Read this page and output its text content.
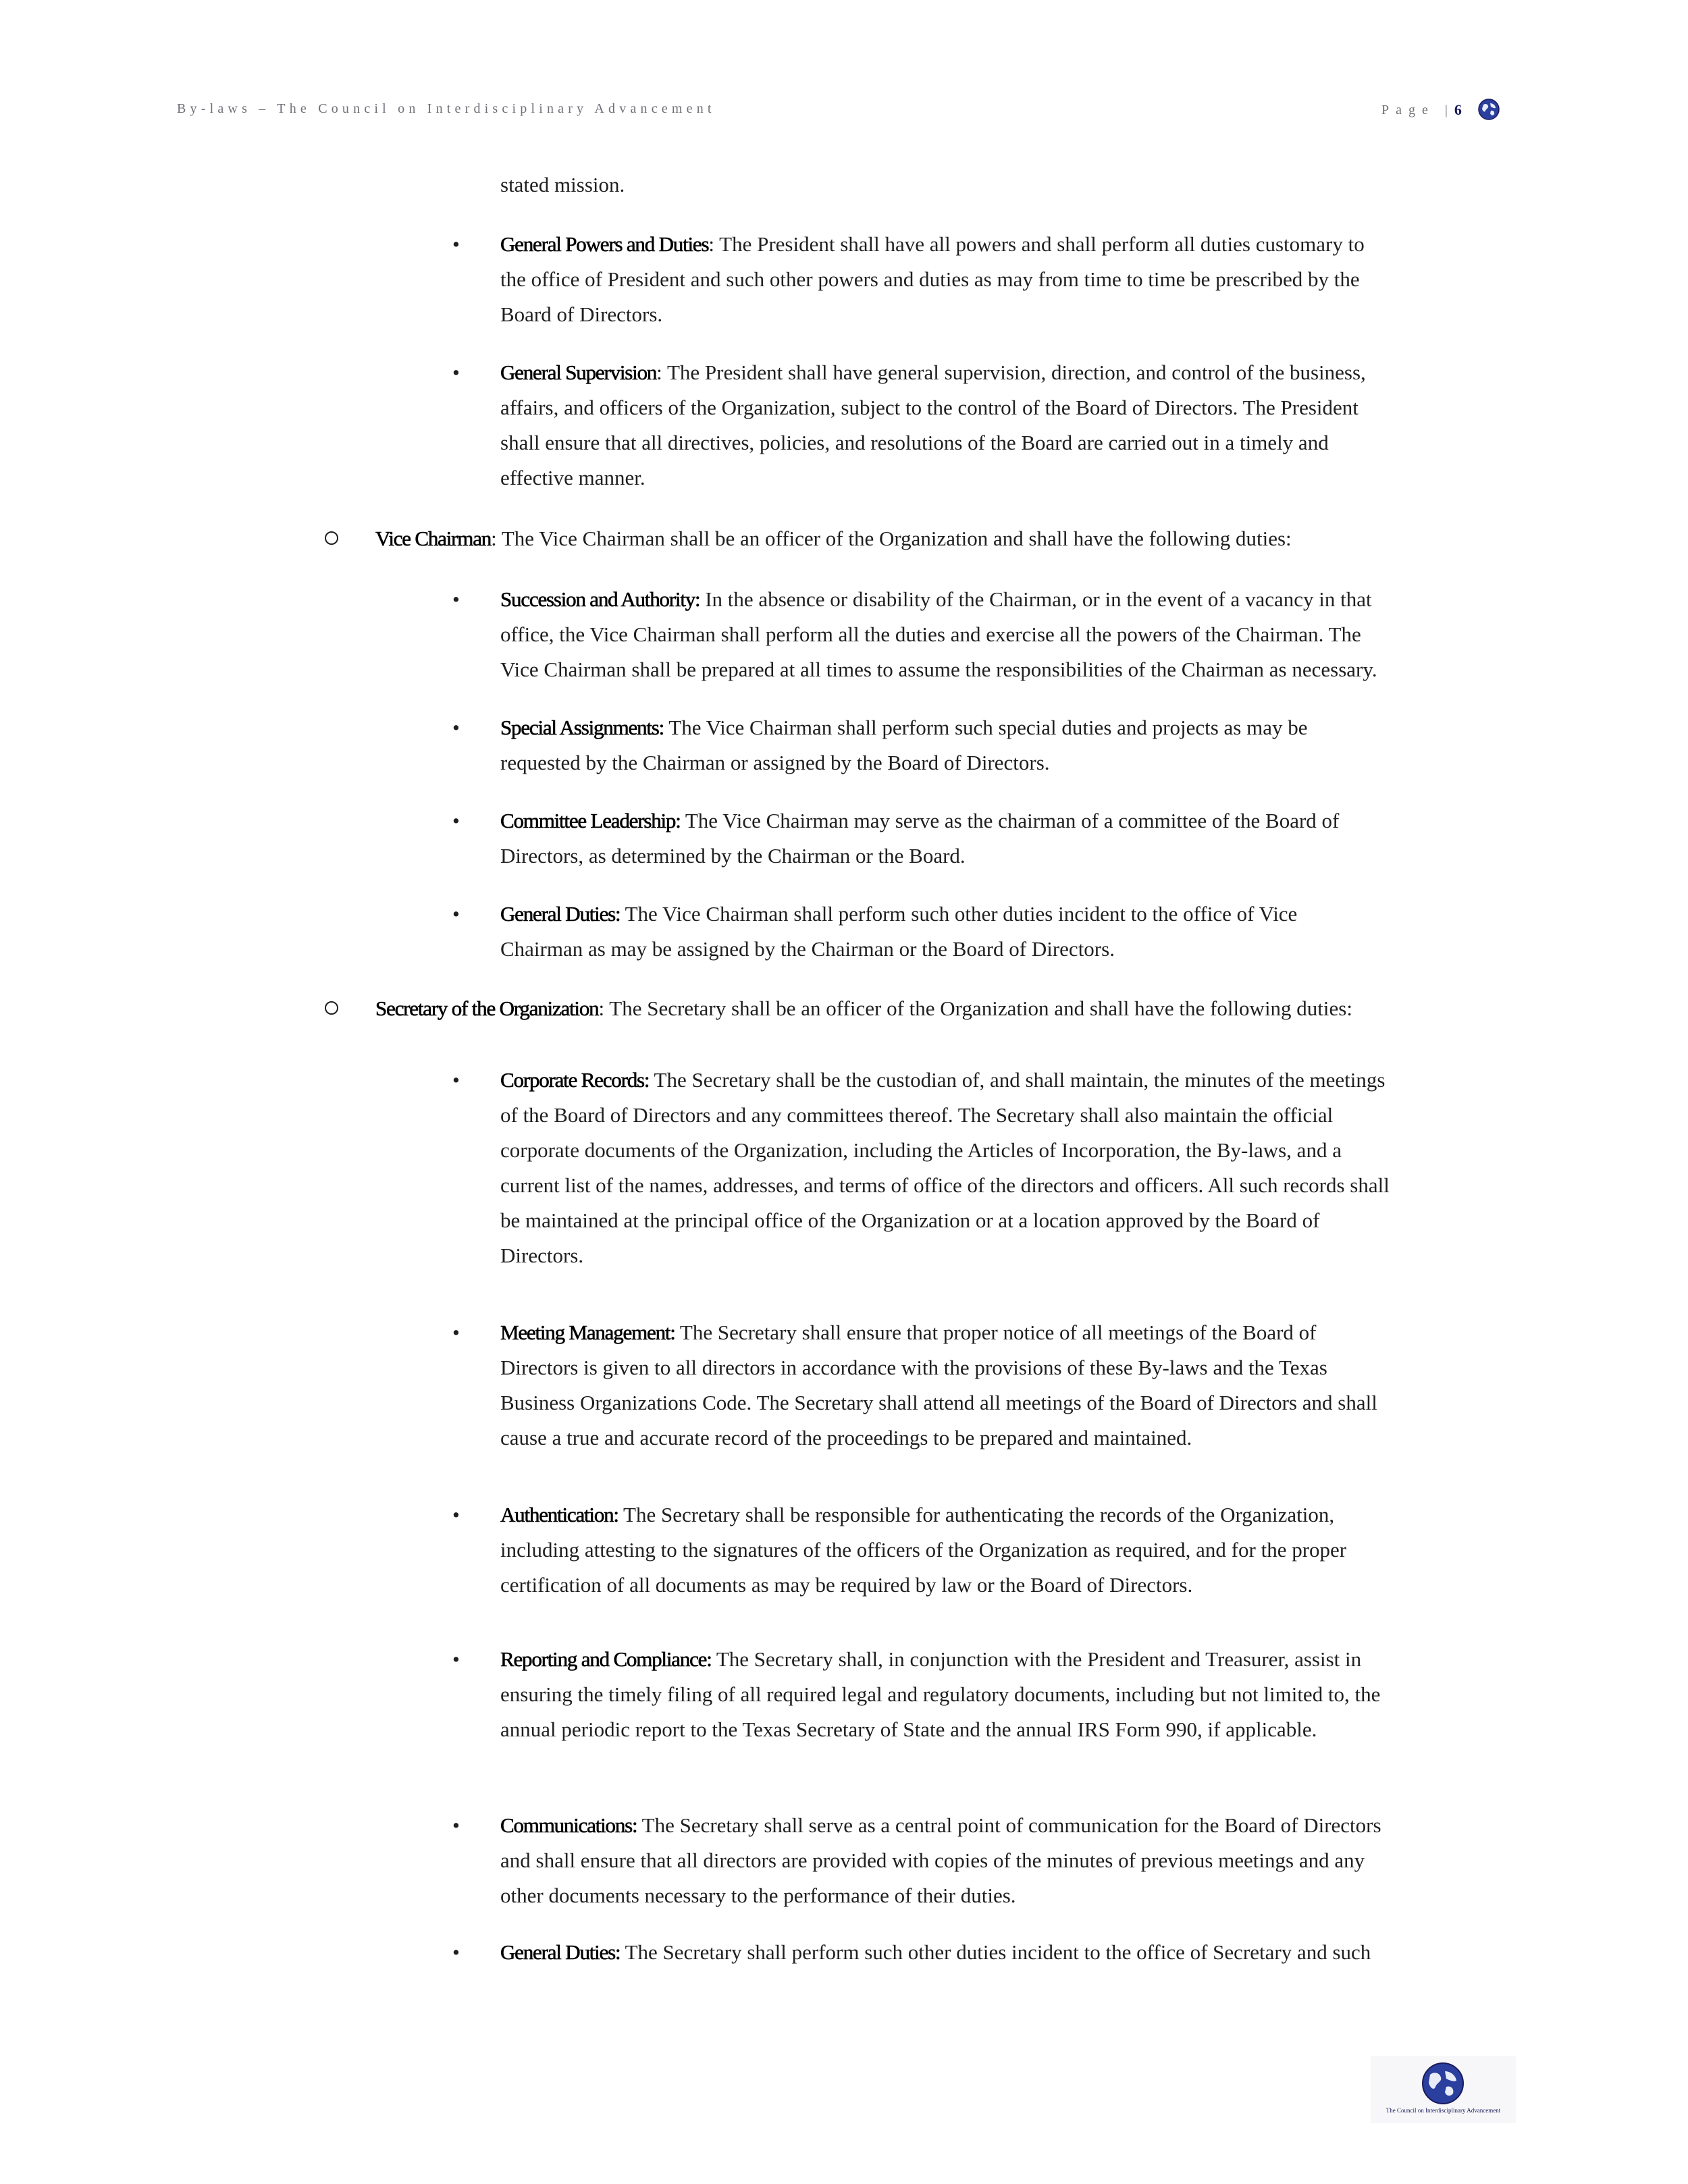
By-laws – The Council on Interdisciplinary Advancement	Page | 6
stated mission.
• General Powers and Duties: The President shall have all powers and shall perform all duties customary to
the office of President and such other powers and duties as may from time to time be prescribed by the
Board of Directors.
• General Supervision: The President shall have general supervision, direction, and control of the business,
affairs, and officers of the Organization, subject to the control of the Board of Directors. The President
shall ensure that all directives, policies, and resolutions of the Board are carried out in a timely and
effective manner.
Vice Chairman: The Vice Chairman shall be an officer of the Organization and shall have the following duties:
• Succession and Authority: In the absence or disability of the Chairman, or in the event of a vacancy in that
office, the Vice Chairman shall perform all the duties and exercise all the powers of the Chairman. The
Vice Chairman shall be prepared at all times to assume the responsibilities of the Chairman as necessary.
• Special Assignments: The Vice Chairman shall perform such special duties and projects as may be
requested by the Chairman or assigned by the Board of Directors.
• Committee Leadership: The Vice Chairman may serve as the chairman of a committee of the Board of
Directors, as determined by the Chairman or the Board.
• General Duties: The Vice Chairman shall perform such other duties incident to the office of Vice
Chairman as may be assigned by the Chairman or the Board of Directors.
Secretary of the Organization: The Secretary shall be an officer of the Organization and shall have the following duties:
• Corporate Records: The Secretary shall be the custodian of, and shall maintain, the minutes of the meetings
of the Board of Directors and any committees thereof. The Secretary shall also maintain the official
corporate documents of the Organization, including the Articles of Incorporation, the By-laws, and a
current list of the names, addresses, and terms of office of the directors and officers. All such records shall
be maintained at the principal office of the Organization or at a location approved by the Board of
Directors.
• Meeting Management: The Secretary shall ensure that proper notice of all meetings of the Board of
Directors is given to all directors in accordance with the provisions of these By-laws and the Texas
Business Organizations Code. The Secretary shall attend all meetings of the Board of Directors and shall
cause a true and accurate record of the proceedings to be prepared and maintained.
• Authentication: The Secretary shall be responsible for authenticating the records of the Organization,
including attesting to the signatures of the officers of the Organization as required, and for the proper
certification of all documents as may be required by law or the Board of Directors.
• Reporting and Compliance: The Secretary shall, in conjunction with the President and Treasurer, assist in
ensuring the timely filing of all required legal and regulatory documents, including but not limited to, the
annual periodic report to the Texas Secretary of State and the annual IRS Form 990, if applicable.
• Communications: The Secretary shall serve as a central point of communication for the Board of Directors
and shall ensure that all directors are provided with copies of the minutes of previous meetings and any
other documents necessary to the performance of their duties.
• General Duties: The Secretary shall perform such other duties incident to the office of Secretary and such
The Council on Interdisciplinary Advancement
